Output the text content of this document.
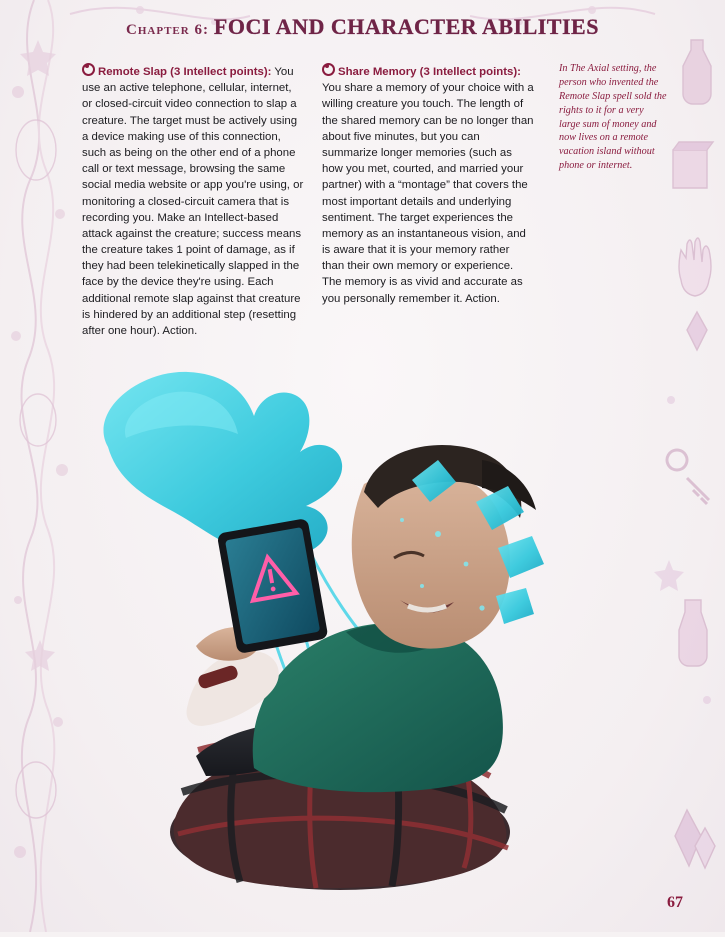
Chapter 6: FOCI AND CHARACTER ABILITIES

Remote Slap (3 Intellect points): You use an active telephone, cellular, internet, or closed-circuit video connection to slap a creature. The target must be actively using a device making use of this connection, such as being on the other end of a phone call or text message, browsing the same social media website or app you're using, or monitoring a closed-circuit camera that is recording you. Make an Intellect-based attack against the creature; success means the creature takes 1 point of damage, as if they had been telekinetically slapped in the face by the device they're using. Each additional remote slap against that creature is hindered by an additional step (resetting after one hour). Action.

Share Memory (3 Intellect points): You share a memory of your choice with a willing creature you touch. The length of the shared memory can be no longer than about five minutes, but you can summarize longer memories (such as how you met, courted, and married your partner) with a “montage” that covers the most important details and underlying sentiment. The target experiences the memory as an instantaneous vision, and is aware that it is your memory rather than their own memory or experience. The memory is as vivid and accurate as you personally remember it. Action.

In The Axial setting, the person who invented the Remote Slap spell sold the rights to it for a very large sum of money and now lives on a remote vacation island without phone or internet.
67
